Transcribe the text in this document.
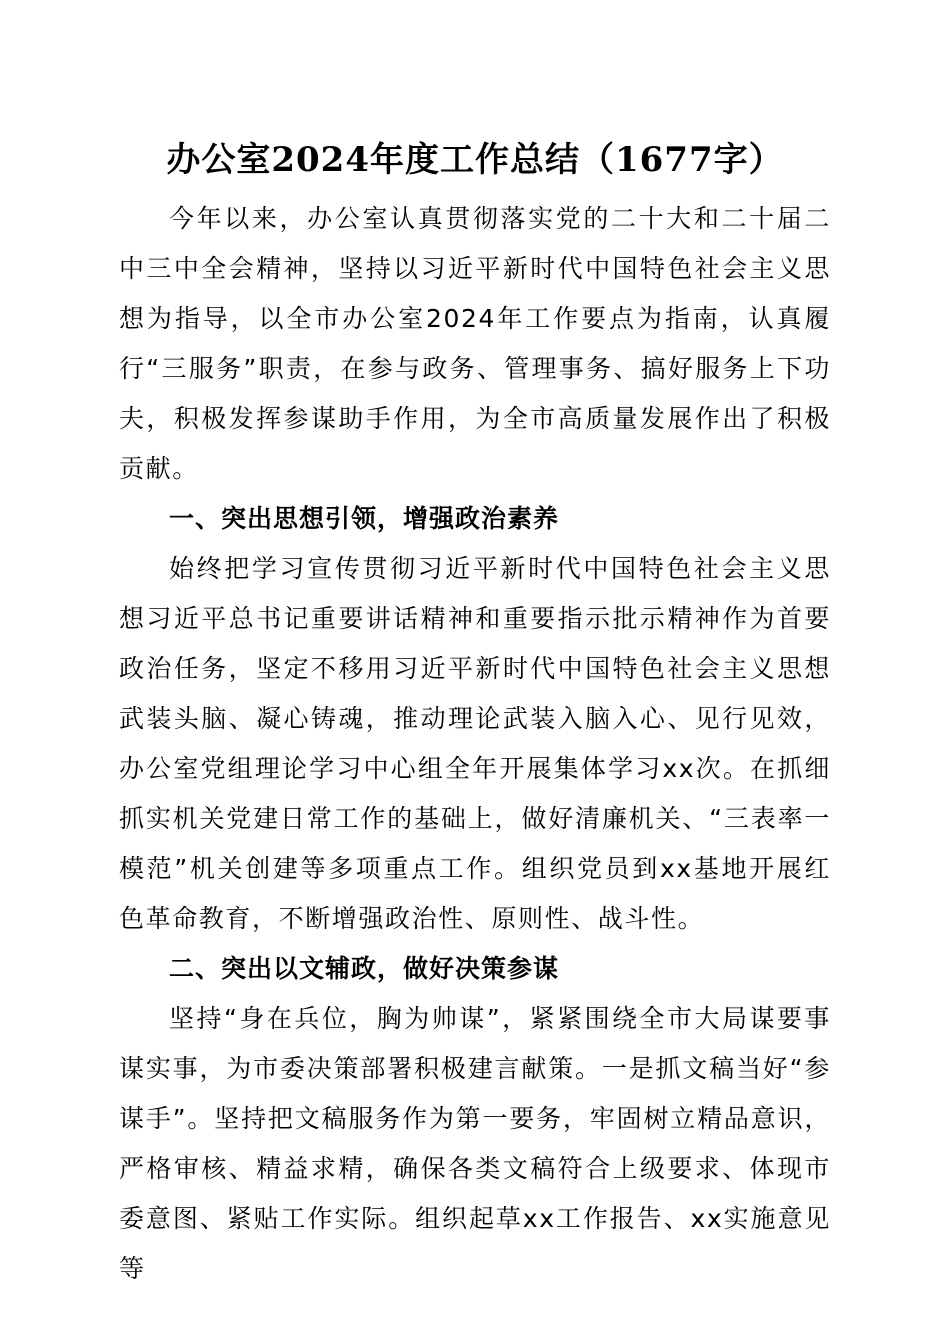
办公室2024年度工作总结（1677字）

今年以来，办公室认真贯彻落实党的二十大和二十届二中三中全会精神，坚持以习近平新时代中国特色社会主义思想为指导，以全市办公室2024年工作要点为指南，认真履行“三服务”职责，在参与政务、管理事务、搞好服务上下功夫，积极发挥参谋助手作用，为全市高质量发展作出了积极贡献。

一、突出思想引领，增强政治素养

始终把学习宣传贯彻习近平新时代中国特色社会主义思想习近平总书记重要讲话精神和重要指示批示精神作为首要政治任务，坚定不移用习近平新时代中国特色社会主义思想武装头脑、凝心铸魂，推动理论武装入脑入心、见行见效，办公室党组理论学习中心组全年开展集体学习xx次。在抓细抓实机关党建日常工作的基础上，做好清廉机关、“三表率一模范”机关创建等多项重点工作。组织党员到xx基地开展红色革命教育，不断增强政治性、原则性、战斗性。

二、突出以文辅政，做好决策参谋

坚持“身在兵位，胸为帅谋”，紧紧围绕全市大局谋要事谋实事，为市委决策部署积极建言献策。一是抓文稿当好“参谋手”。坚持把文稿服务作为第一要务，牢固树立精品意识，严格审核、精益求精，确保各类文稿符合上级要求、体现市委意图、紧贴工作实际。组织起草xx工作报告、xx实施意见等
